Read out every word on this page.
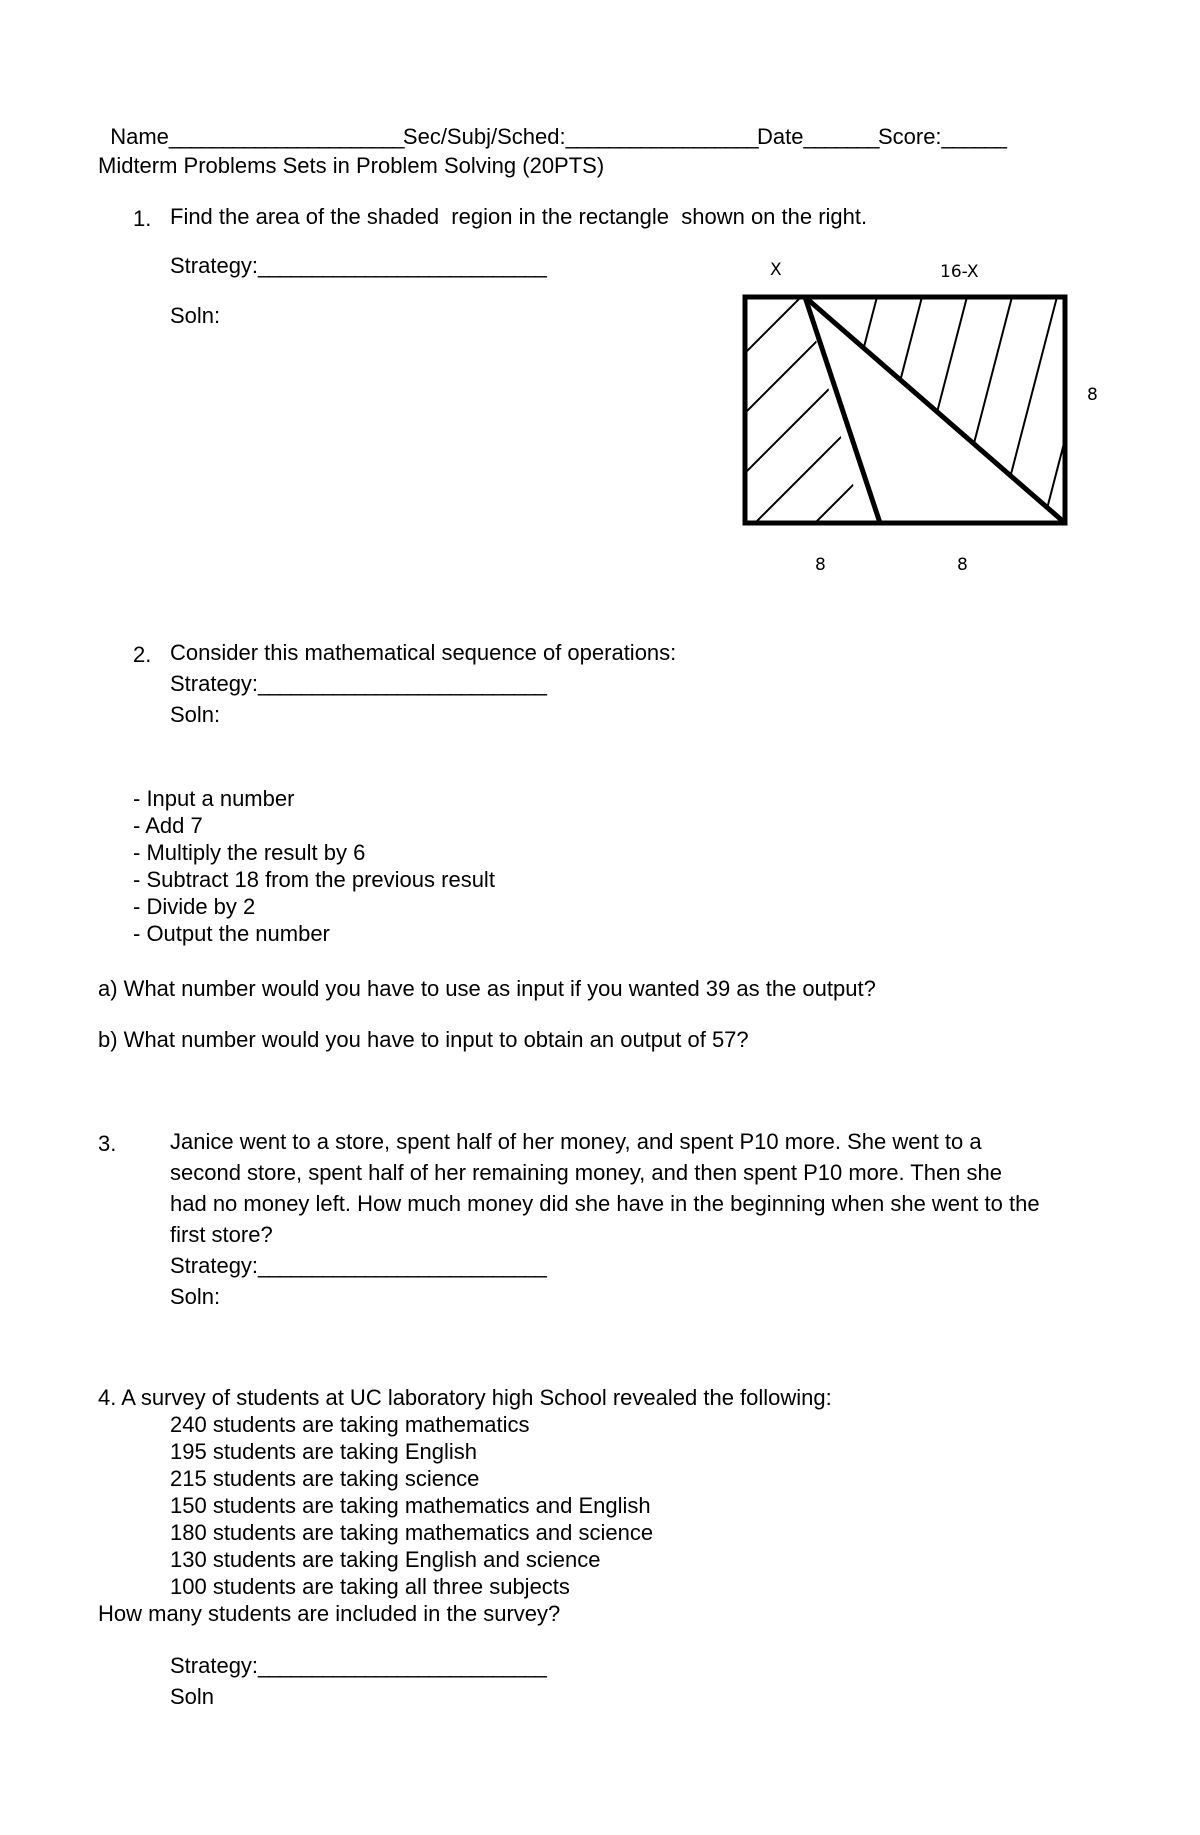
Name______________________Sec/Subj/Sched:__________________Date_______Score:______

Midterm Problems Sets in Problem Solving (20PTS)
1. Find the area of the shaded  region in the rectangle  shown on the right.
Strategy:___________________________
Soln:
X	16-X
8
8	8
2. Consider this mathematical sequence of operations:
Strategy:___________________________
Soln:
- Input a number
- Add 7
- Multiply the result by 6
- Subtract 18 from the previous result
- Divide by 2
- Output the number
a) What number would you have to use as input if you wanted 39 as the output?
b) What number would you have to input to obtain an output of 57?
3. Janice went to a store, spent half of her money, and spent P10 more. She went to a
second store, spent half of her remaining money, and then spent P10 more. Then she
had no money left. How much money did she have in the beginning when she went to the
first store?
Strategy:___________________________
Soln:
4. A survey of students at UC laboratory high School revealed the following:
240 students are taking mathematics
195 students are taking English
215 students are taking science
150 students are taking mathematics and English
180 students are taking mathematics and science
130 students are taking English and science
100 students are taking all three subjects
How many students are included in the survey?
Strategy:___________________________
Soln
